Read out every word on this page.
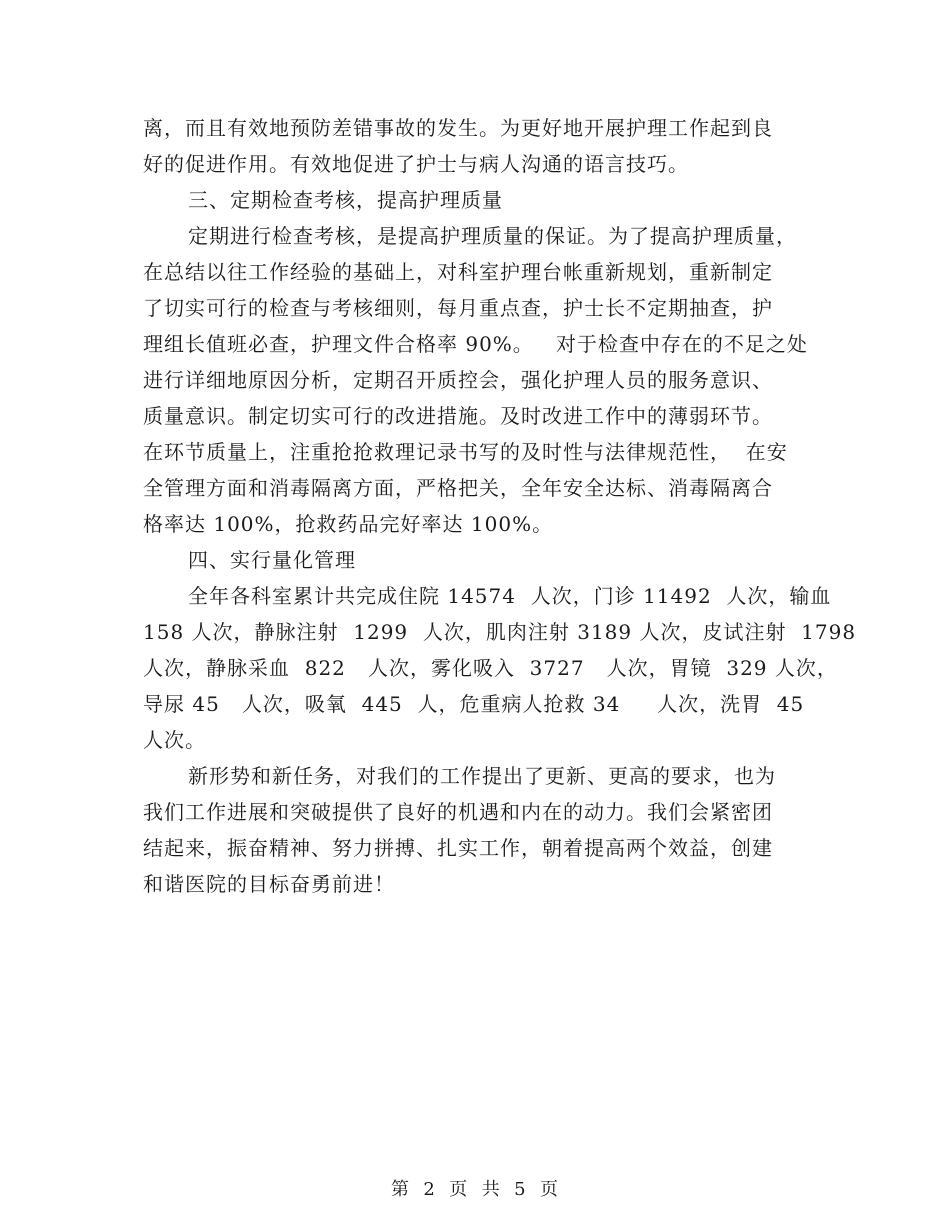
离，而且有效地预防差错事故的发生。为更好地开展护理工作起到良
好的促进作用。有效地促进了护士与病人沟通的语言技巧。
三、定期检查考核，提高护理质量
定期进行检查考核，是提高护理质量的保证。为了提高护理质量，
在总结以往工作经验的基础上，对科室护理台帐重新规划，重新制定
了切实可行的检查与考核细则，每月重点查，护士长不定期抽查，护
理组长值班必查，护理文件合格率 90%。   对于检查中存在的不足之处
进行详细地原因分析，定期召开质控会，强化护理人员的服务意识、
质量意识。制定切实可行的改进措施。及时改进工作中的薄弱环节。
在环节质量上，注重抢抢救理记录书写的及时性与法律规范性，  在安
全管理方面和消毒隔离方面，严格把关，全年安全达标、消毒隔离合
格率达 100%，抢救药品完好率达 100%。
四、实行量化管理
全年各科室累计共完成住院 14574  人次，门诊 11492  人次，输血
158 人次，静脉注射  1299  人次，肌肉注射 3189 人次，皮试注射  1798
人次，静脉采血  822   人次，雾化吸入  3727   人次，胃镜  329 人次，
导尿 45   人次，吸氧  445  人，危重病人抢救 34     人次，洗胃  45
人次。
新形势和新任务，对我们的工作提出了更新、更高的要求，也为
我们工作进展和突破提供了良好的机遇和内在的动力。我们会紧密团
结起来，振奋精神、努力拼搏、扎实工作，朝着提高两个效益，创建
和谐医院的目标奋勇前进！
第  2  页  共  5  页
